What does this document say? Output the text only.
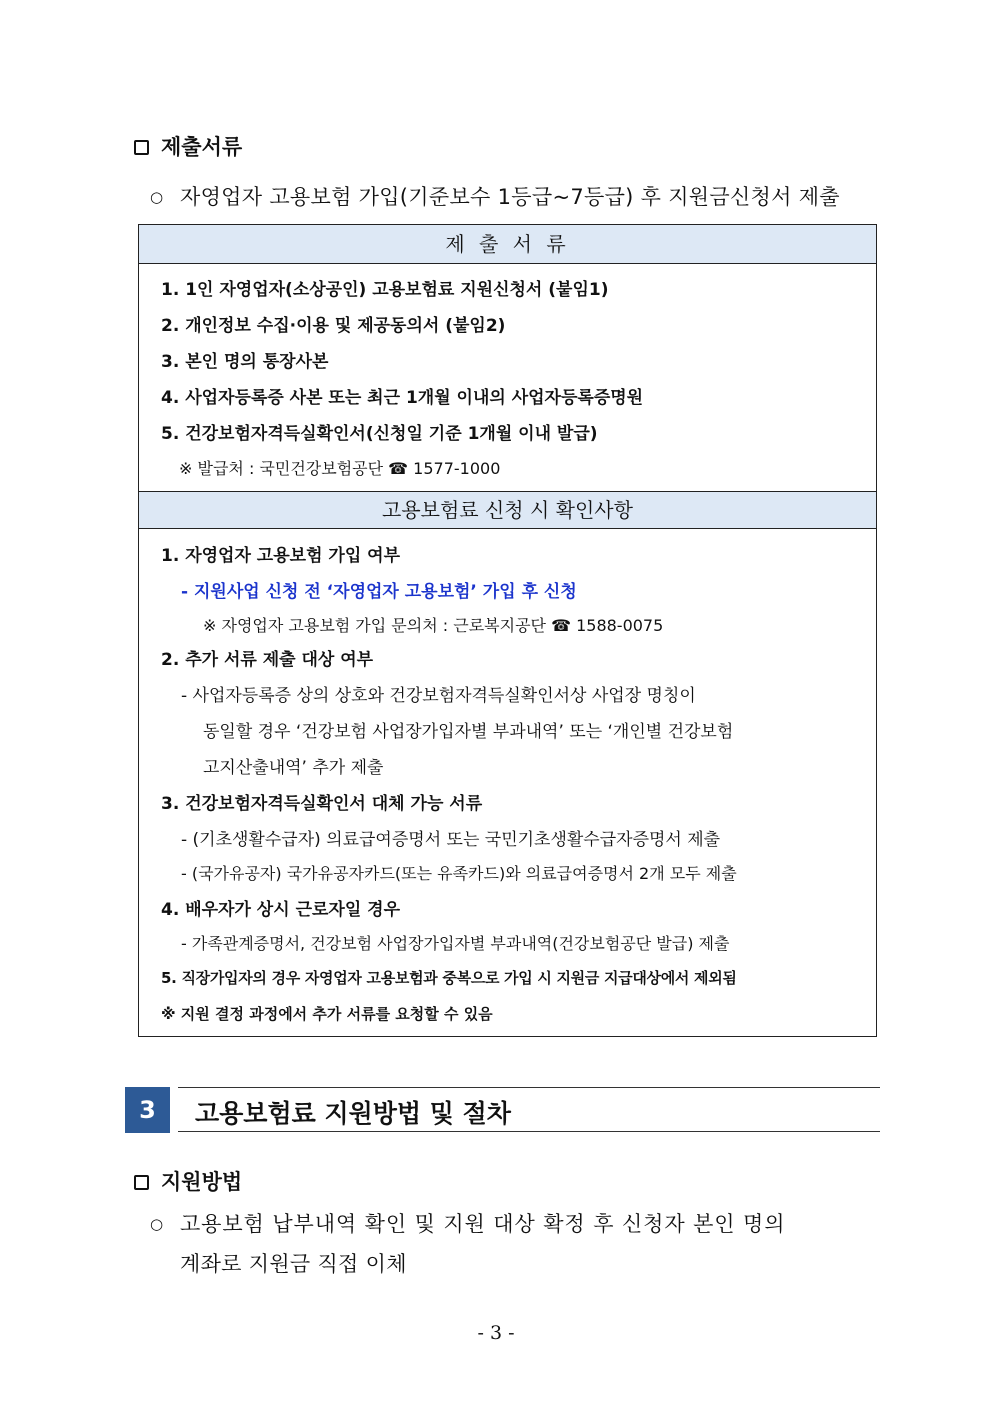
제출서류
○ 자영업자 고용보험 가입(기준보수 1등급~7등급) 후 지원금신청서 제출
제 출 서 류
1. 1인 자영업자(소상공인) 고용보험료 지원신청서 (붙임1)
2. 개인정보 수집·이용 및 제공동의서 (붙임2)
3. 본인 명의 통장사본
4. 사업자등록증 사본 또는 최근 1개월 이내의 사업자등록증명원
5. 건강보험자격득실확인서(신청일 기준 1개월 이내 발급)
※ 발급처 : 국민건강보험공단 ☎ 1577-1000
고용보험료 신청 시 확인사항
1. 자영업자 고용보험 가입 여부
- 지원사업 신청 전 ‘자영업자 고용보험’ 가입 후 신청
※ 자영업자 고용보험 가입 문의처 : 근로복지공단 ☎ 1588-0075
2. 추가 서류 제출 대상 여부
- 사업자등록증 상의 상호와 건강보험자격득실확인서상 사업장 명칭이
동일할 경우 ‘건강보험 사업장가입자별 부과내역’ 또는 ‘개인별 건강보험
고지산출내역’ 추가 제출
3. 건강보험자격득실확인서 대체 가능 서류
- (기초생활수급자) 의료급여증명서 또는 국민기초생활수급자증명서 제출
- (국가유공자) 국가유공자카드(또는 유족카드)와 의료급여증명서 2개 모두 제출
4. 배우자가 상시 근로자일 경우
- 가족관계증명서, 건강보험 사업장가입자별 부과내역(건강보험공단 발급) 제출
5. 직장가입자의 경우 자영업자 고용보험과 중복으로 가입 시 지원금 지급대상에서 제외됨
※ 지원 결정 과정에서 추가 서류를 요청할 수 있음
3	고용보험료 지원방법 및 절차
지원방법
○ 고용보험 납부내역 확인 및 지원 대상 확정 후 신청자 본인 명의
계좌로 지원금 직접 이체
- 3 -
